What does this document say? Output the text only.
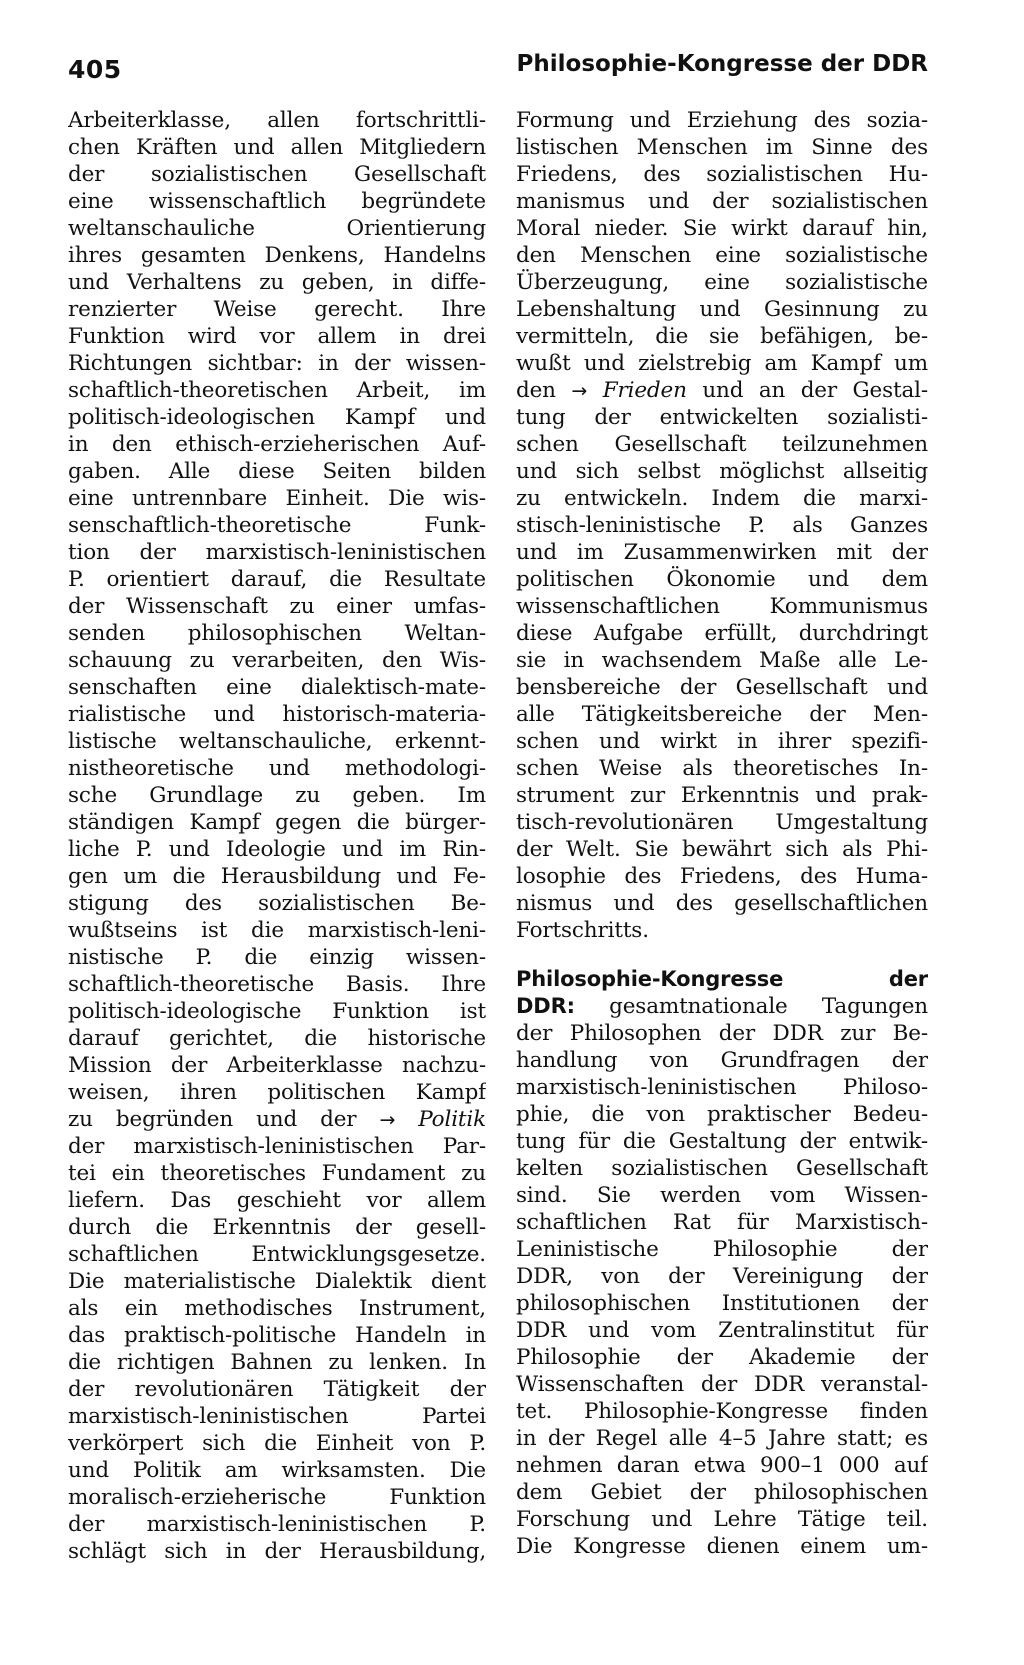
405	Philosophie-Kongresse der DDR
Arbeiterklasse, allen fortschrittli-
chen Kräften und allen Mitgliedern
der sozialistischen Gesellschaft
eine wissenschaftlich begründete
weltanschauliche Orientierung
ihres gesamten Denkens, Handelns
und Verhaltens zu geben, in diffe-
renzierter Weise gerecht. Ihre
Funktion wird vor allem in drei
Richtungen sichtbar: in der wissen-
schaftlich-theoretischen Arbeit, im
politisch-ideologischen Kampf und
in den ethisch-erzieherischen Auf-
gaben. Alle diese Seiten bilden
eine untrennbare Einheit. Die wis-
senschaftlich-theoretische Funk-
tion der marxistisch-leninistischen
P. orientiert darauf, die Resultate
der Wissenschaft zu einer umfas-
senden philosophischen Weltan-
schauung zu verarbeiten, den Wis-
senschaften eine dialektisch-mate-
rialistische und historisch-materia-
listische weltanschauliche, erkennt-
nistheoretische und methodologi-
sche Grundlage zu geben. Im
ständigen Kampf gegen die bürger-
liche P. und Ideologie und im Rin-
gen um die Herausbildung und Fe-
stigung des sozialistischen Be-
wußtseins ist die marxistisch-leni-
nistische P. die einzig wissen-
schaftlich-theoretische Basis. Ihre
politisch-ideologische Funktion ist
darauf gerichtet, die historische
Mission der Arbeiterklasse nachzu-
weisen, ihren politischen Kampf
zu begründen und der → Politik
der marxistisch-leninistischen Par-
tei ein theoretisches Fundament zu
liefern. Das geschieht vor allem
durch die Erkenntnis der gesell-
schaftlichen Entwicklungsgesetze.
Die materialistische Dialektik dient
als ein methodisches Instrument,
das praktisch-politische Handeln in
die richtigen Bahnen zu lenken. In
der revolutionären Tätigkeit der
marxistisch-leninistischen Partei
verkörpert sich die Einheit von P.
und Politik am wirksamsten. Die
moralisch-erzieherische Funktion
der marxistisch-leninistischen P.
schlägt sich in der Herausbildung,
Formung und Erziehung des sozia-
listischen Menschen im Sinne des
Friedens, des sozialistischen Hu-
manismus und der sozialistischen
Moral nieder. Sie wirkt darauf hin,
den Menschen eine sozialistische
Überzeugung, eine sozialistische
Lebenshaltung und Gesinnung zu
vermitteln, die sie befähigen, be-
wußt und zielstrebig am Kampf um
den → Frieden und an der Gestal-
tung der entwickelten sozialisti-
schen Gesellschaft teilzunehmen
und sich selbst möglichst allseitig
zu entwickeln. Indem die marxi-
stisch-leninistische P. als Ganzes
und im Zusammenwirken mit der
politischen Ökonomie und dem
wissenschaftlichen Kommunismus
diese Aufgabe erfüllt, durchdringt
sie in wachsendem Maße alle Le-
bensbereiche der Gesellschaft und
alle Tätigkeitsbereiche der Men-
schen und wirkt in ihrer spezifi-
schen Weise als theoretisches In-
strument zur Erkenntnis und prak-
tisch-revolutionären Umgestaltung
der Welt. Sie bewährt sich als Phi-
losophie des Friedens, des Huma-
nismus und des gesellschaftlichen
Fortschritts.
Philosophie-Kongresse der
DDR: gesamtnationale Tagungen
der Philosophen der DDR zur Be-
handlung von Grundfragen der
marxistisch-leninistischen Philoso-
phie, die von praktischer Bedeu-
tung für die Gestaltung der entwik-
kelten sozialistischen Gesellschaft
sind. Sie werden vom Wissen-
schaftlichen Rat für Marxistisch-
Leninistische Philosophie der
DDR, von der Vereinigung der
philosophischen Institutionen der
DDR und vom Zentralinstitut für
Philosophie der Akademie der
Wissenschaften der DDR veranstal-
tet. Philosophie-Kongresse finden
in der Regel alle 4–5 Jahre statt; es
nehmen daran etwa 900–1 000 auf
dem Gebiet der philosophischen
Forschung und Lehre Tätige teil.
Die Kongresse dienen einem um-
